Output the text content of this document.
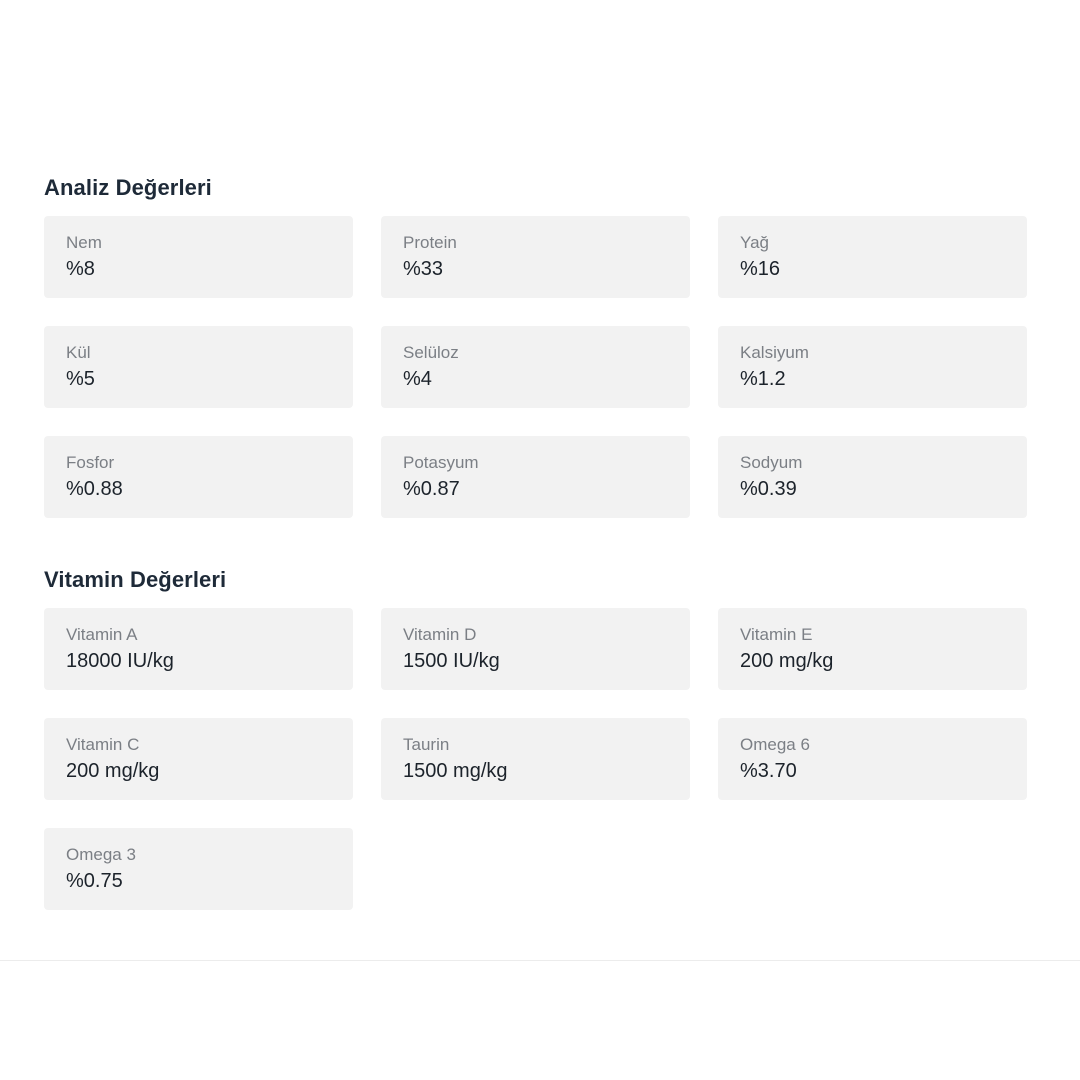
Analiz Değerleri
Nem
%8
Protein
%33
Yağ
%16
Kül
%5
Selüloz
%4
Kalsiyum
%1.2
Fosfor
%0.88
Potasyum
%0.87
Sodyum
%0.39
Vitamin Değerleri
Vitamin A
18000 IU/kg
Vitamin D
1500 IU/kg
Vitamin E
200 mg/kg
Vitamin C
200 mg/kg
Taurin
1500 mg/kg
Omega 6
%3.70
Omega 3
%0.75
